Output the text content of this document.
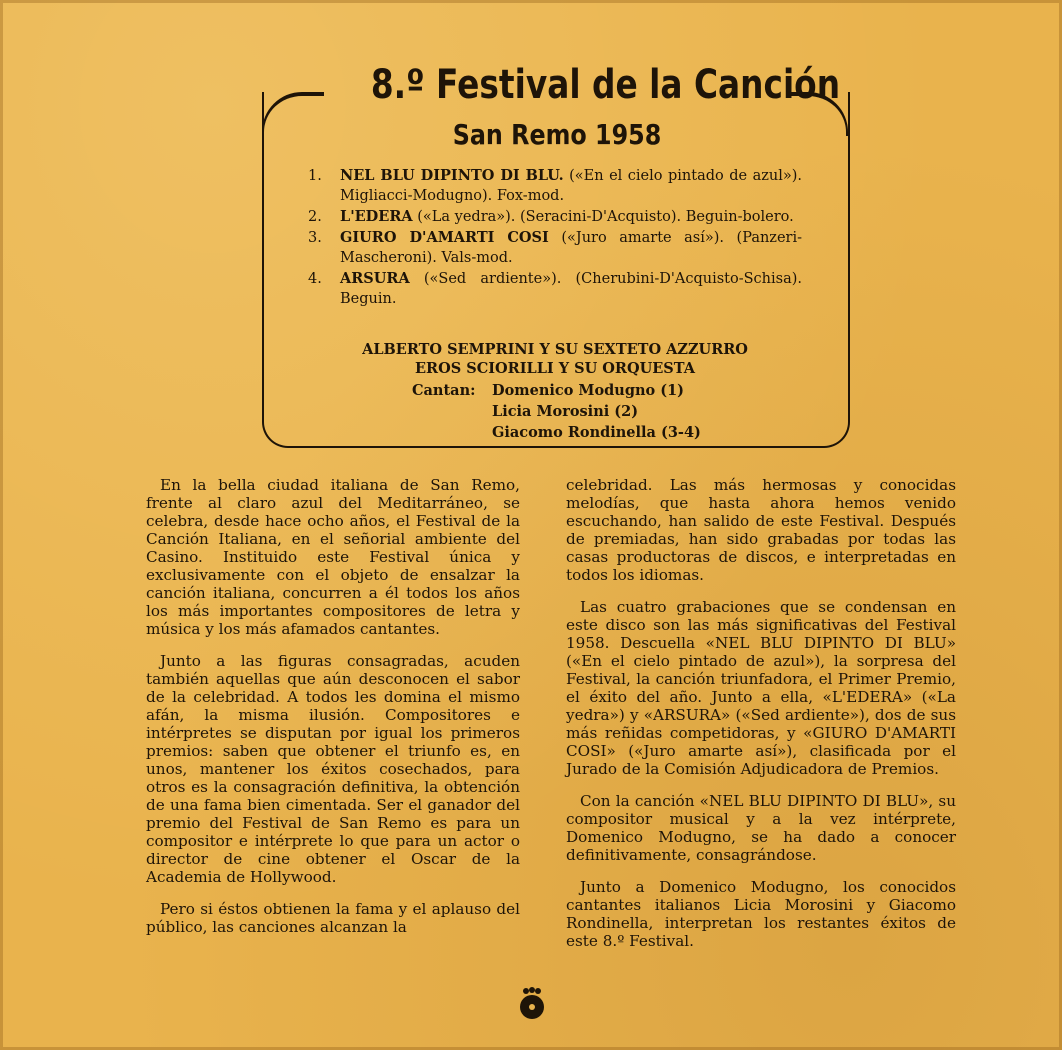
8.º Festival de la Canción
San Remo 1958
1.	NEL BLU DIPINTO DI BLU. («En el cielo pintado de azul»). Migliacci-Modugno). Fox-mod.
2.	L'EDERA («La yedra»). (Seracini-D'Acquisto). Beguin-bolero.
3.	GIURO D'AMARTI COSI («Juro amarte así»). (Panzeri-Mascheroni). Vals-mod.
4.	ARSURA («Sed ardiente»). (Cherubini-D'Acquisto-Schisa). Beguin.
ALBERTO SEMPRINI Y SU SEXTETO AZZURRO
EROS SCIORILLI Y SU ORQUESTA
Cantan:	Domenico Modugno (1)
Licia Morosini (2)
Giacomo Rondinella (3-4)

En la bella ciudad italiana de San Remo, frente al claro azul del Meditarráneo, se celebra, desde hace ocho años, el Festival de la Canción Italiana, en el señorial ambiente del Casino. Instituido este Festival única y exclusivamente con el objeto de ensalzar la canción italiana, concurren a él todos los años los más importantes compositores de letra y música y los más afamados cantantes.

Junto a las figuras consagradas, acuden también aquellas que aún desconocen el sabor de la celebridad. A todos les domina el mismo afán, la misma ilusión. Compositores e intérpretes se disputan por igual los primeros premios: saben que obtener el triunfo es, en unos, mantener los éxitos cosechados, para otros es la consagración definitiva, la obtención de una fama bien cimentada. Ser el ganador del premio del Festival de San Remo es para un compositor e intérprete lo que para un actor o director de cine obtener el Oscar de la Academia de Hollywood.

Pero si éstos obtienen la fama y el aplauso del público, las canciones alcanzan la

celebridad. Las más hermosas y conocidas melodías, que hasta ahora hemos venido escuchando, han salido de este Festival. Después de premiadas, han sido grabadas por todas las casas productoras de discos, e interpretadas en todos los idiomas.

Las cuatro grabaciones que se condensan en este disco son las más significativas del Festival 1958. Descuella «NEL BLU DIPINTO DI BLU» («En el cielo pintado de azul»), la sorpresa del Festival, la canción triunfadora, el Primer Premio, el éxito del año. Junto a ella, «L'EDERA» («La yedra») y «ARSURA» («Sed ardiente»), dos de sus más reñidas competidoras, y «GIURO D'AMARTI COSI» («Juro amarte así»), clasificada por el Jurado de la Comisión Adjudicadora de Premios.

Con la canción «NEL BLU DIPINTO DI BLU», su compositor musical y a la vez intérprete, Domenico Modugno, se ha dado a conocer definitivamente, consagrándose.

Junto a Domenico Modugno, los conocidos cantantes italianos Licia Morosini y Giacomo Rondinella, interpretan los restantes éxitos de este 8.º Festival.
